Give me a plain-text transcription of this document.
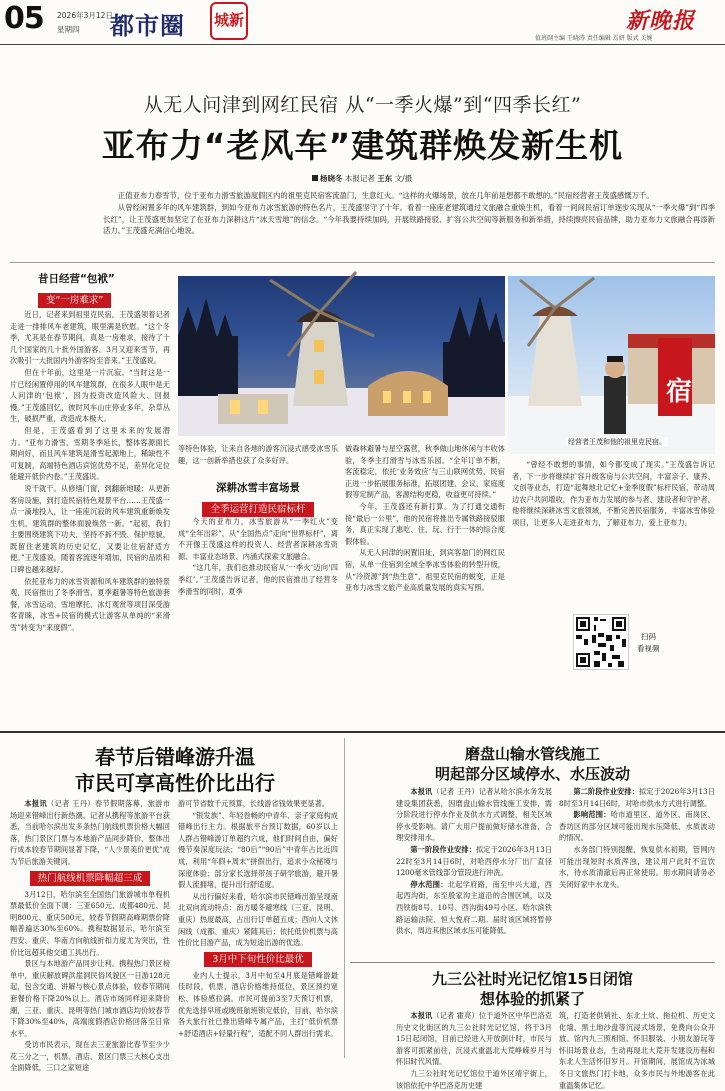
05 2026年3月12日
星期四 都市圈 城新	新晚报
值班副主编 王晓涛 责任编辑 焉妍 版式 关婉
从无人问津到网红民宿 从“一季火爆”到“四季长红”
亚布力“老风车”建筑群焕发新生机
杨晓冬 本报记者 王东 文/摄

正值亚布力春雪节，位于亚布力滑雪旅游度假区内的祖里克民宿客流盈门，生意红火。“这样的火爆场景，放在几年前是想都不敢想的。”民宿经营者王茂盛感慨万千。

从曾经闲置多年的风车建筑群，到如今亚布力冰雪旅游的特色名片，王茂盛坚守了十年。看着一座座老建筑通过文旅融合重焕生机，看着一间间民宿订单逐步实现从“一季火爆”到“四季长红”，让王茂盛更加坚定了在亚布力深耕这片“冰天雪地”的信念。“今年我要持续加码，开展铁路接驳、扩容公共空间等新服务和新举措，持续擦亮民宿品牌，助力亚布力文旅融合再添新活力。”王茂盛充满信心地说。

昔日经营“包袱”
变“一房难求”

近日，记者来到祖里克民宿，王茂盛领着记者走进一排排风车老建筑，眼里满是欣慰。“这个冬季，尤其是在春节期间，真是一房难求，接待了十几个国家的几十批外国游客。3月又迎来雪节，再次吸引一大批国内外游客纷至沓来。”王茂盛说。

但在十年前，这里是一片沉寂。“当时这是一片已经闲置停用的风车建筑群，在很多人眼中是无人问津的‘包袱’，因为投资改造风险大、回报慢。”王茂盛回忆，彼时风车山庄停业多年，杂草丛生，破损严重，改造成本极大。

但是，王茂盛看到了这里未来的发展潜力。“亚布力滑雪，雪期冬季延长，整体客源面长期向好，而且风车建筑是滑雪起源地上，稀缺性不可复制，高端特色酒店宾馆优势不足，差异化定位能避开低价内卷。”王茂盛说。

说干就干。从修缮门窗，到翻新地暖；从更新客房设施，到打造民宿特色观景平台……王茂盛一点一滴地投入，让一座座沉寂的风车建筑重新焕发生机，建筑群的整体面貌焕然一新。“起初，我们主要围绕建筑下功夫，坚持不拆不毁、保护原貌，既留住老建筑的历史记忆，又要让住宿舒适方便。”王茂盛说，随着客流逐年增加，民宿的品质和口碑也越来越好。

依托亚布力的冰雪资源和风车建筑群的独特景观，民宿推出了冬季滑雪、夏季避暑等特色旅游套餐，冰雪运动、雪地摩托、冰灯观赏等项目深受游客青睐，冰雪+民宿的模式让游客从单纯的“来滑雪”转变为“来度假”。

宿
经营者王茂和他的祖里克民宿。

等特色体验，让来自各地的游客沉浸式感受冰雪乐趣，这一创新举措也获了众多好评。

深耕冰雪丰富场景
全季运营打造民宿标杆

今天的亚布力，冰雪旅游从“一季红火”变成“全年出彩”，从“全国热点”走向“世界标杆”，离不开像王茂盛这样的投资人、经营者深耕冰雪资源、丰富业态场景、内涵式探索文旅融合。

“这几年，我们也推动民宿从‘一季火’迈向‘四季红’。”王茂盛告诉记者，他的民宿推出了经营冬季滑雪的同时，夏季

做森林避暑与星空露营，秋季做山地休闲与丰收体验，冬季主打滑雪与冰雪乐园。“全年订单不断，客流稳定，依托‘业务效应’与三山联网优势，民宿正进一步拓展服务标准，拓展团建、会议、家庭度假等定制产品，客源结构更稳，收益更可持续。”

今年，王茂盛还有新打算。为了打通交通衔接“最后一公里”，他的民宿将推出专属铁路接驳服务，真正实现了惠吃、住、玩、行于一体的综合度假体验。

从无人问津的闲置旧址，到宾客盈门的网红民宿，从单一住宿到全域全季冰雪体验的转型升级，从“冷资源”到“热生意”，祖里克民宿的蜕变，正是亚布力冰雪文旅产业高质量发展的真实写照。

“曾经不敢想的事情，如今都变成了现实。”王茂盛告诉记者，下一步将继续扩容升级客房与公共空间，丰富亲子、康养、文创等业态，打造“起舞地北记忆+金季度假”标杆民宿，带动周边农户共同增收，作为亚布力发展的参与者、建设者和守护者，他将继续深耕冰雪文旅领域，不断完善民宿服务，丰富冰雪体验项目，让更多人走进亚布力，了解亚布力，爱上亚布力。

扫码
看视频
春节后错峰游升温
市民可享高性价比出行

本报讯（记者 王丹）春节假期落幕，旅游市场迎来错峰出行新热潮。记者从携程等旅游平台获悉，当前哈尔滨出发多条热门航线机票价格大幅回落，热门景区门票与本地游产品同步降价，整体出行成本较春节期间显著下降，“人少景美价更优”成为节后旅游关键词。

热门航线机票降幅超三成

3月12日，哈尔滨至全国热门旅游城市单程机票最低价全面下调：三亚650元、成都480元、昆明800元、重庆500元，较春节假期高峰期票价降幅普遍达30%至60%。携程数据显示，哈尔滨至西安、重庆、华南方向航线折扣力度尤为突出，性价比远超其他交通工具出行。

景区与本地游产品同步让利。携程热门景区榜单中，重庆解放碑洪崖洞民俗风貌区一日游128元起，包含交通、讲解与核心景点体验，较春节期间套餐价格下降20%以上。酒店市场同样迎来降价潮，三亚、重庆、昆明等热门城市酒店均价较春节下降30%至40%，高端度假酒店价格回落至日常水平。

受访市民表示，现在去三亚旅游比春节至少少花三分之一，机票、酒店、景区门票三大核心支出全面降低，三口之家短途

游可节省数千元预算，长线游省钱效果更显著。

“银发族”、年轻卷畅的中青年、亲子家庭构成错峰出行主力。根据旅平台预订数据，60岁以上人群占错峰游订单超约六成，他们时间自由，偏好慢节奏深度玩法；“80后”“90后”中青年占比近四成，利用“年假+周末”拼假出行，追求小众秘境与深度体验；部分家长选择带孩子研学旅游，避开暑假人流拥堵，提升出行舒适度。

从出行偏好来看，哈尔滨市民错峰出游呈现南北双向流动特点：南方暖冬避寒线（三亚、昆明、重庆）热度最高，占出行订单超五成；西向人文休闲线（成都、重庆）紧随其后；依托低价机票与高性价比目游产品，成为短途出游的优选。

3月中下旬性价比最优

业内人士提示，3月中旬至4月底是错峰游最佳时段，机票、酒店价格维持低位，景区预约宽松、体验感拉满。市民可提前3至7天预订机票，优先选择早班或晚班航班锁定低价，目前，哈尔滨各大旅行社已推出错峰专属产品，主打“低价机票+舒适酒店+轻量行程”，适配不同人群出行需求。

磨盘山输水管线施工
明起部分区域停水、水压波动

本报讯（记者 王丹）记者从哈尔滨水务发展建设集团获悉，因磨盘山输水管线施工安排，需分阶段进行停水作业及供水方式调整，相关区域停水受影响。请广大用户提前做好储水准备，合理安排用水。

第一阶段作业安排：拟定于2026年3月13日22时至3月14日6时，对哈西停水分厂出厂直径1200毫米管线部分管段进行冲洗。

停水范围：北起学府路，南至中兴大道，西起西沟街，东至殷家沟主道沿的合围区域，以及西铁街8号、10号、西沟街49号小区、哈尔滨铁路运输法院、恒大悦府二期。届时该区域将暂停供水，周边其他区域水压可能降低。

第二阶段作业安排：拟定于2026年3月13日8时至3月14日6时，对哈市供水方式进行调整。

影响范围：哈市道里区、道外区、南岗区、香坊区的部分区域可能出现水压降低、水质波动的情况。

水务部门特别提醒，恢复供水初期，管网内可能出现短时水质浑浊，建议用户此时不宜饮水，待水质清澈后再正常使用。用水期间请务必关闭好家中水龙头。

九三公社时光记忆馆15日闭馆
想体验的抓紧了

本报讯（记者 霍亮）位于道外区中华巴洛克历史文化街区的九三公社时光记忆馆，将于3月15日起闭馆，目前已经进入开放倒计时，市民与游客可抓紧前往，沉浸式重温北大荒峥嵘岁月与怀旧时代风情。

九三公社时光记忆馆位于道外区靖宇街上，该馆依托中华巴洛克历史建

筑，打造老供销社、东北土炕、拖拉机、历史文化墙、黑土地沙盘等沉浸式场景，免费向公众开放。馆内九三照相馆、怀旧服装、小朋友游玩等怀旧场景业态，生动再现北大荒开发建设历程和东北人生活怀旧岁月。开馆期间，展馆成为冰城冬日文旅热门打卡地，众多市民与外地游客在此重温集体记忆。
